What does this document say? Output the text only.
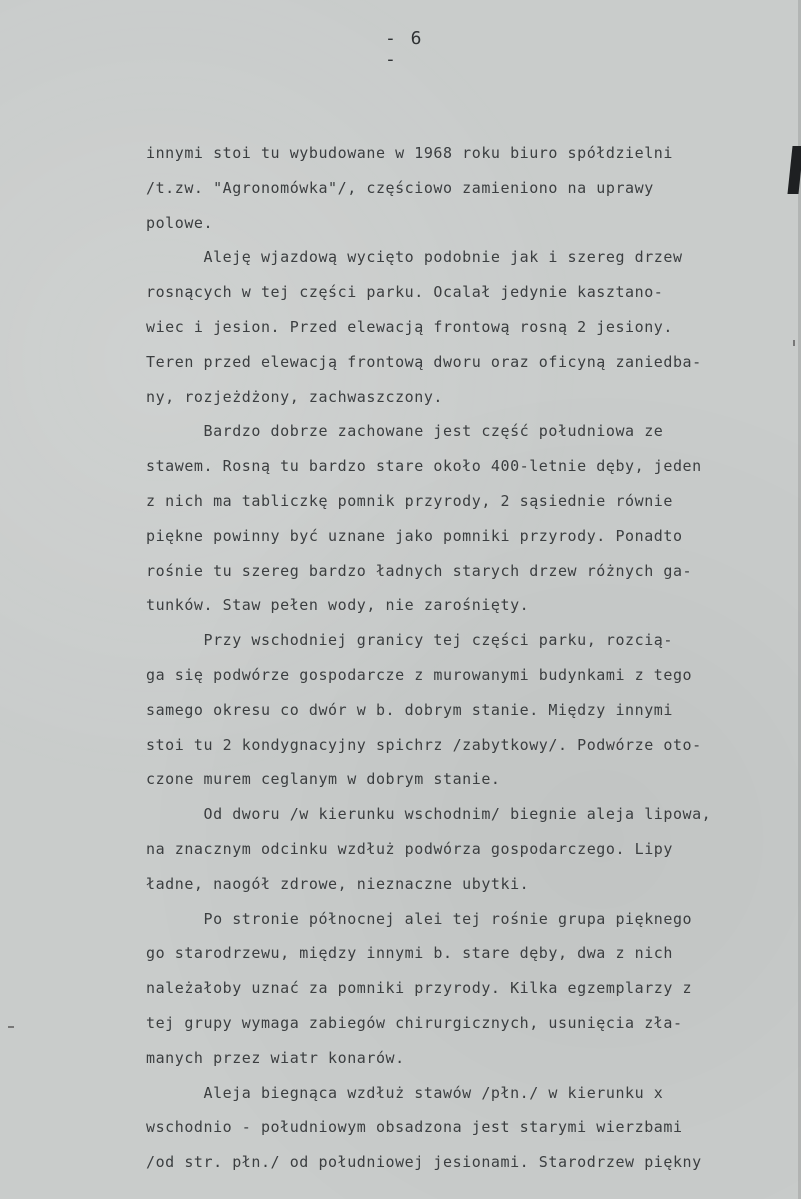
- 6 -
innymi stoi tu wybudowane w 1968 roku biuro spółdzielni
/t.zw. "Agronomówka"/, częściowo zamieniono na uprawy
polowe.
Aleję wjazdową wycięto podobnie jak i szereg drzew
rosnących w tej części parku. Ocalał jedynie kasztano-
wiec i jesion. Przed elewacją frontową rosną 2 jesiony.
Teren przed elewacją frontową dworu oraz oficyną zaniedba-
ny, rozjeżdżony, zachwaszczony.
Bardzo dobrze zachowane jest część południowa ze
stawem. Rosną tu bardzo stare około 400-letnie dęby, jeden
z nich ma tabliczkę pomnik przyrody, 2 sąsiednie równie
piękne powinny być uznane jako pomniki przyrody. Ponadto
rośnie tu szereg bardzo ładnych starych drzew różnych ga-
tunków. Staw pełen wody, nie zarośnięty.
Przy wschodniej granicy tej części parku, rozcią-
ga się podwórze gospodarcze z murowanymi budynkami z tego
samego okresu co dwór w b. dobrym stanie. Między innymi
stoi tu 2 kondygnacyjny spichrz /zabytkowy/. Podwórze oto-
czone murem ceglanym w dobrym stanie.
Od dworu /w kierunku wschodnim/ biegnie aleja lipowa,
na znacznym odcinku wzdłuż podwórza gospodarczego. Lipy
ładne, naogół zdrowe, nieznaczne ubytki.
Po stronie północnej alei tej rośnie grupa pięknego
go starodrzewu, między innymi b. stare dęby, dwa z nich
należałoby uznać za pomniki przyrody. Kilka egzemplarzy z
tej grupy wymaga zabiegów chirurgicznych, usunięcia zła-
manych przez wiatr konarów.
Aleja biegnąca wzdłuż stawów /płn./ w kierunku x
wschodnio - południowym obsadzona jest starymi wierzbami
/od str. płn./ od południowej jesionami. Starodrzew piękny
